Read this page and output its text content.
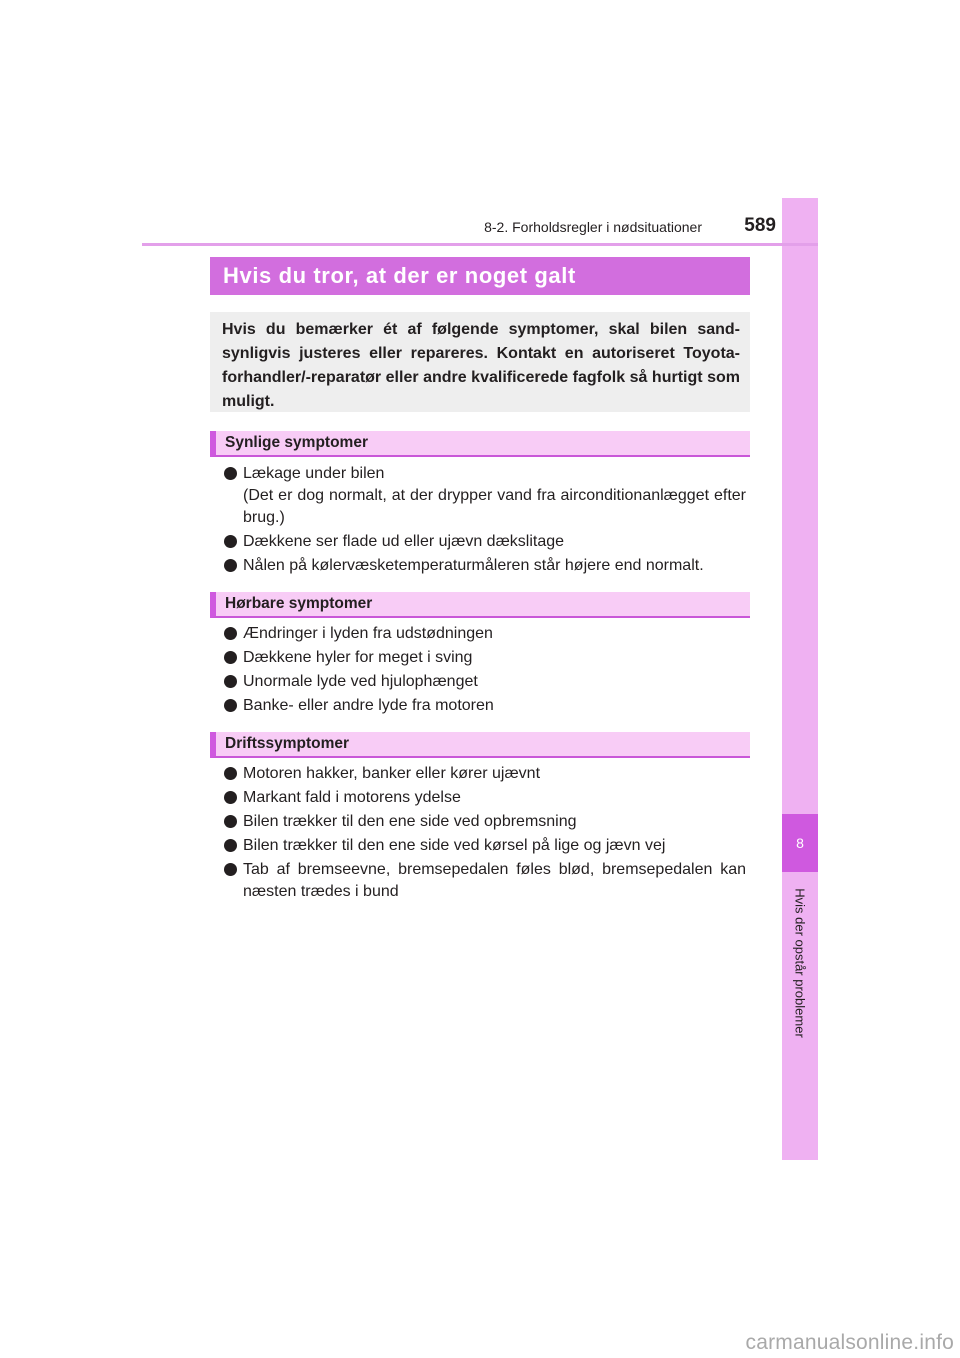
8
Hvis der opstår problemer
8-2. Forholdsregler i nødsituationer	589
Hvis du tror, at der er noget galt
Hvis du bemærker ét af følgende symptomer, skal bilen sand-synligvis justeres eller repareres. Kontakt en autoriseret Toyota-forhandler/-reparatør eller andre kvalificerede fagfolk så hurtigt som muligt.
Synlige symptomer
Lækage under bilen
(Det er dog normalt, at der drypper vand fra airconditionanlægget efter brug.)
Dækkene ser flade ud eller ujævn dækslitage
Nålen på kølervæsketemperaturmåleren står højere end normalt.
Hørbare symptomer
Ændringer i lyden fra udstødningen
Dækkene hyler for meget i sving
Unormale lyde ved hjulophænget
Banke- eller andre lyde fra motoren
Driftssymptomer
Motoren hakker, banker eller kører ujævnt
Markant fald i motorens ydelse
Bilen trækker til den ene side ved opbremsning
Bilen trækker til den ene side ved kørsel på lige og jævn vej
Tab af bremseevne, bremsepedalen føles blød, bremsepedalen kan næsten trædes i bund
carmanualsonline.info
